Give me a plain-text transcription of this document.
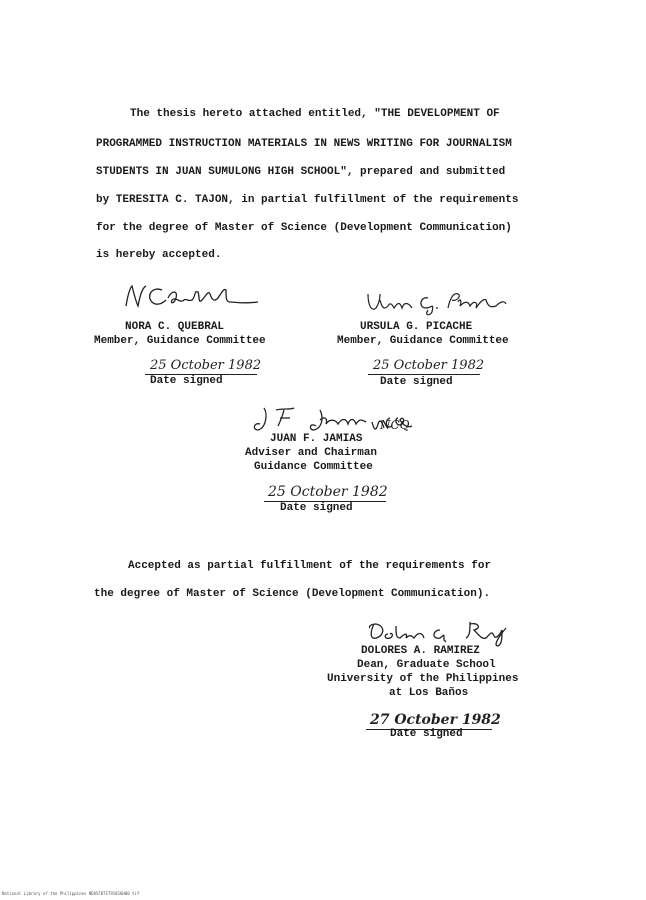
The thesis hereto attached entitled, "THE DEVELOPMENT OF
PROGRAMMED INSTRUCTION MATERIALS IN NEWS WRITING FOR JOURNALISM
STUDENTS IN JUAN SUMULONG HIGH SCHOOL", prepared and submitted
by TERESITA C. TAJON, in partial fulfillment of the requirements
for the degree of Master of Science (Development Communication)
is hereby accepted.
NORA C. QUEBRAL
Member, Guidance Committee
25 October 1982
Date signed
URSULA G. PICACHE
Member, Guidance Committee
25 October 1982
Date signed
NCQ
JUAN F. JAMIAS
Adviser and Chairman
Guidance Committee
25 October 1982
Date signed
Accepted as partial fulfillment of the requirements for
the degree of Master of Science (Development Communication).
DOLORES A. RAMIREZ
Dean, Graduate School
University of the Philippines
at Los Baños
27 October 1982
Date signed
National Library of the Philippines ND85FB7ST91016H00 tif
